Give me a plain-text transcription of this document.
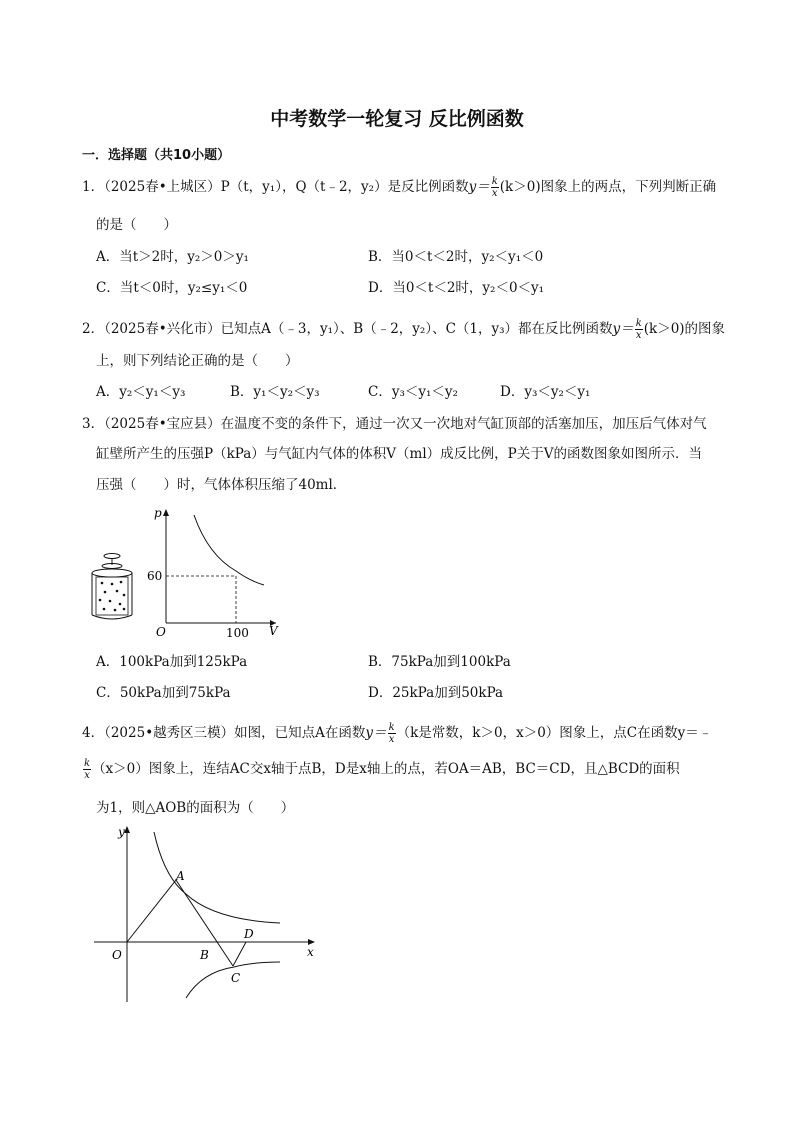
中考数学一轮复习 反比例函数
一．选择题（共10小题）
1．（2025春•上城区）P（t，y₁），Q（t﹣2，y₂）是反比例函数$y= \frac{k}{x} (k>0)$图象上的两点，下列判断正确
的是（　　）
A．当t＞2时，y₂＞0＞y₁	B．当0＜t＜2时，y₂＜y₁＜0
C．当t＜0时，y₂≤y₁＜0	D．当0＜t＜2时，y₂＜0＜y₁
2．（2025春•兴化市）已知点A（﹣3，y₁）、B（﹣2，y₂）、C（1，y₃）都在反比例函数$y= \frac{k}{x} (k>0)$的图象
上，则下列结论正确的是（　　）
A．y₂＜y₁＜y₃	B．y₁＜y₂＜y₃	C．y₃＜y₁＜y₂	D．y₃＜y₂＜y₁
3．（2025春•宝应县）在温度不变的条件下，通过一次又一次地对气缸顶部的活塞加压，加压后气体对气
缸壁所产生的压强P（kPa）与气缸内气体的体积V（ml）成反比例，P关于V的函数图象如图所示．当
压强（　　）时，气体体积压缩了40ml．
p
V
O
60
100
A．100kPa加到125kPa	B．75kPa加到100kPa
C．50kPa加到75kPa	D．25kPa加到50kPa
4．（2025•越秀区三模）如图，已知点A在函数$y= \frac{k}{x} (k$是常数，k＞0，x＞0）图象上，点C在函数y＝﹣
$\frac{k}{x} (x>0)$图象上，连结AC交x轴于点B，D是x轴上的点，若OA＝AB，BC＝CD，且△BCD的面积
为1，则△AOB的面积为（　　）
y
x
O
A
B
C
D
